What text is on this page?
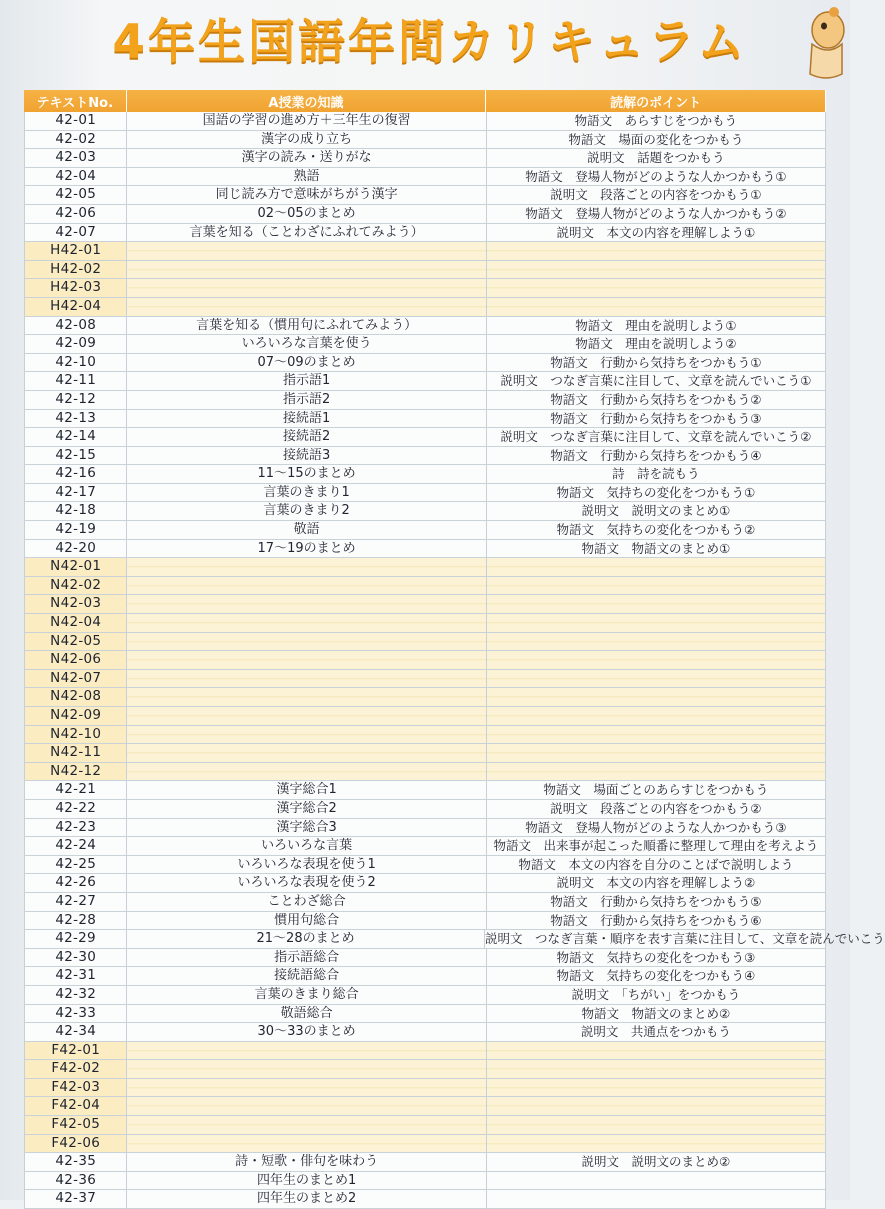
4年生国語年間カリキュラム
テキストNo.	A授業の知識	読解のポイント
42-01	国語の学習の進め方＋三年生の復習	物語文　あらすじをつかもう
42-02	漢字の成り立ち	物語文　場面の変化をつかもう
42-03	漢字の読み・送りがな	説明文　話題をつかもう
42-04	熟語	物語文　登場人物がどのような人かつかもう①
42-05	同じ読み方で意味がちがう漢字	説明文　段落ごとの内容をつかもう①
42-06	02〜05のまとめ	物語文　登場人物がどのような人かつかもう②
42-07	言葉を知る（ことわざにふれてみよう）	説明文　本文の内容を理解しよう①
H42-01
H42-02
H42-03
H42-04
42-08	言葉を知る（慣用句にふれてみよう）	物語文　理由を説明しよう①
42-09	いろいろな言葉を使う	物語文　理由を説明しよう②
42-10	07〜09のまとめ	物語文　行動から気持ちをつかもう①
42-11	指示語1	説明文　つなぎ言葉に注目して、文章を読んでいこう①
42-12	指示語2	物語文　行動から気持ちをつかもう②
42-13	接続語1	物語文　行動から気持ちをつかもう③
42-14	接続語2	説明文　つなぎ言葉に注目して、文章を読んでいこう②
42-15	接続語3	物語文　行動から気持ちをつかもう④
42-16	11〜15のまとめ	詩　詩を読もう
42-17	言葉のきまり1	物語文　気持ちの変化をつかもう①
42-18	言葉のきまり2	説明文　説明文のまとめ①
42-19	敬語	物語文　気持ちの変化をつかもう②
42-20	17〜19のまとめ	物語文　物語文のまとめ①
N42-01
N42-02
N42-03
N42-04
N42-05
N42-06
N42-07
N42-08
N42-09
N42-10
N42-11
N42-12
42-21	漢字総合1	物語文　場面ごとのあらすじをつかもう
42-22	漢字総合2	説明文　段落ごとの内容をつかもう②
42-23	漢字総合3	物語文　登場人物がどのような人かつかもう③
42-24	いろいろな言葉	物語文　出来事が起こった順番に整理して理由を考えよう
42-25	いろいろな表現を使う1	物語文　本文の内容を自分のことばで説明しよう
42-26	いろいろな表現を使う2	説明文　本文の内容を理解しよう②
42-27	ことわざ総合	物語文　行動から気持ちをつかもう⑤
42-28	慣用句総合	物語文　行動から気持ちをつかもう⑥
42-29	21〜28のまとめ	説明文　つなぎ言葉・順序を表す言葉に注目して、文章を読んでいこう
42-30	指示語総合	物語文　気持ちの変化をつかもう③
42-31	接続語総合	物語文　気持ちの変化をつかもう④
42-32	言葉のきまり総合	説明文　「ちがい」をつかもう
42-33	敬語総合	物語文　物語文のまとめ②
42-34	30〜33のまとめ	説明文　共通点をつかもう
F42-01
F42-02
F42-03
F42-04
F42-05
F42-06
42-35	詩・短歌・俳句を味わう	説明文　説明文のまとめ②
42-36	四年生のまとめ1
42-37	四年生のまとめ2
